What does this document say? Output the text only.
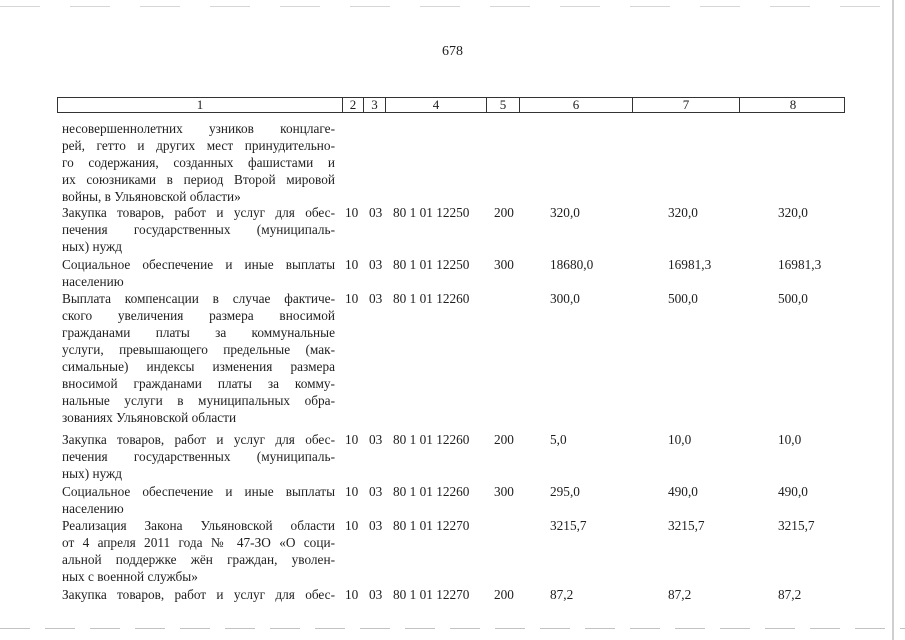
678
1	2	3	4	5	6	7	8
несовершеннолетних узников концлаге-
рей, гетто и других мест принудительно-
го содержания, созданных фашистами и
их союзниками в период Второй мировой
войны, в Ульяновской области»
Закупка товаров, работ и услуг для обес-
печения государственных (муниципаль-
ных) нужд
10 03 80 1 01 12250 200	320,0	320,0	320,0
Социальное обеспечение и иные выплаты
населению
10 03 80 1 01 12250 300	18680,0	16981,3	16981,3
Выплата компенсации в случае фактиче-
ского увеличения размера вносимой
гражданами платы за коммунальные
услуги, превышающего предельные (мак-
симальные) индексы изменения размера
вносимой гражданами платы за комму-
нальные услуги в муниципальных обра-
зованиях Ульяновской области
10 03 80 1 01 12260	300,0	500,0	500,0
Закупка товаров, работ и услуг для обес-
печения государственных (муниципаль-
ных) нужд
10 03 80 1 01 12260 200	5,0	10,0	10,0
Социальное обеспечение и иные выплаты
населению
10 03 80 1 01 12260 300	295,0	490,0	490,0
Реализация Закона Ульяновской области
от 4 апреля 2011 года № 47-ЗО «О соци-
альной поддержке жён граждан, уволен-
ных с военной службы»
10 03 80 1 01 12270	3215,7	3215,7	3215,7
Закупка товаров, работ и услуг для обес- 10 03 80 1 01 12270 200	87,2	87,2	87,2
